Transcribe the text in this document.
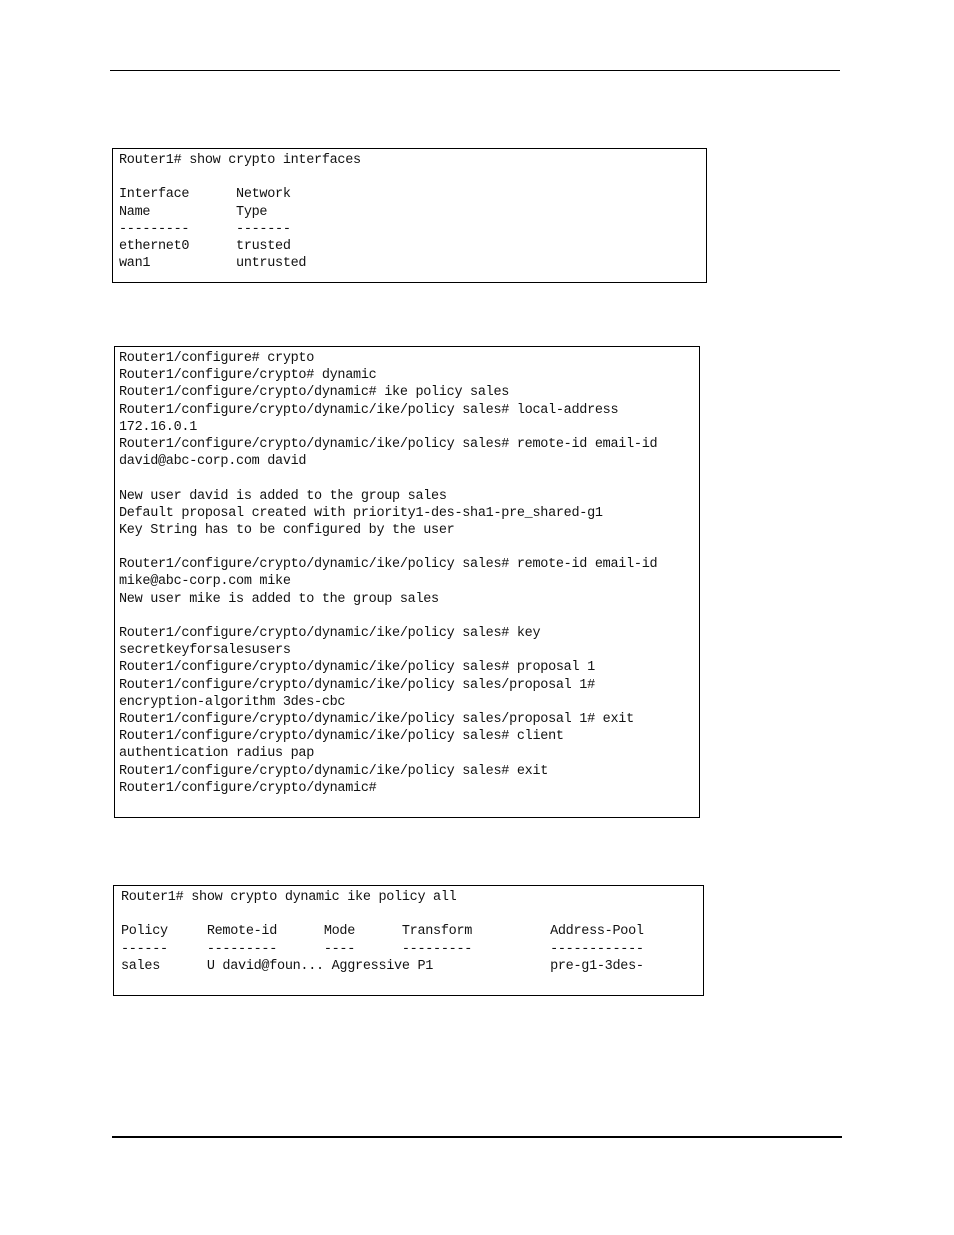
Router1# show crypto interfaces
Interface      Network
Name           Type
---------      -------
ethernet0      trusted
wan1           untrusted
Router1/configure# crypto
Router1/configure/crypto# dynamic
Router1/configure/crypto/dynamic# ike policy sales
Router1/configure/crypto/dynamic/ike/policy sales# local-address
172.16.0.1
Router1/configure/crypto/dynamic/ike/policy sales# remote-id email-id
david@abc-corp.com david
New user david is added to the group sales
Default proposal created with priority1-des-sha1-pre_shared-g1
Key String has to be configured by the user
Router1/configure/crypto/dynamic/ike/policy sales# remote-id email-id
mike@abc-corp.com mike
New user mike is added to the group sales
Router1/configure/crypto/dynamic/ike/policy sales# key
secretkeyforsalesusers
Router1/configure/crypto/dynamic/ike/policy sales# proposal 1
Router1/configure/crypto/dynamic/ike/policy sales/proposal 1#
encryption-algorithm 3des-cbc
Router1/configure/crypto/dynamic/ike/policy sales/proposal 1# exit
Router1/configure/crypto/dynamic/ike/policy sales# client
authentication radius pap
Router1/configure/crypto/dynamic/ike/policy sales# exit
Router1/configure/crypto/dynamic#
Router1# show crypto dynamic ike policy all
Policy     Remote-id      Mode      Transform          Address-Pool
------     ---------      ----      ---------          ------------
sales      U david@foun... Aggressive P1               pre-g1-3des-
